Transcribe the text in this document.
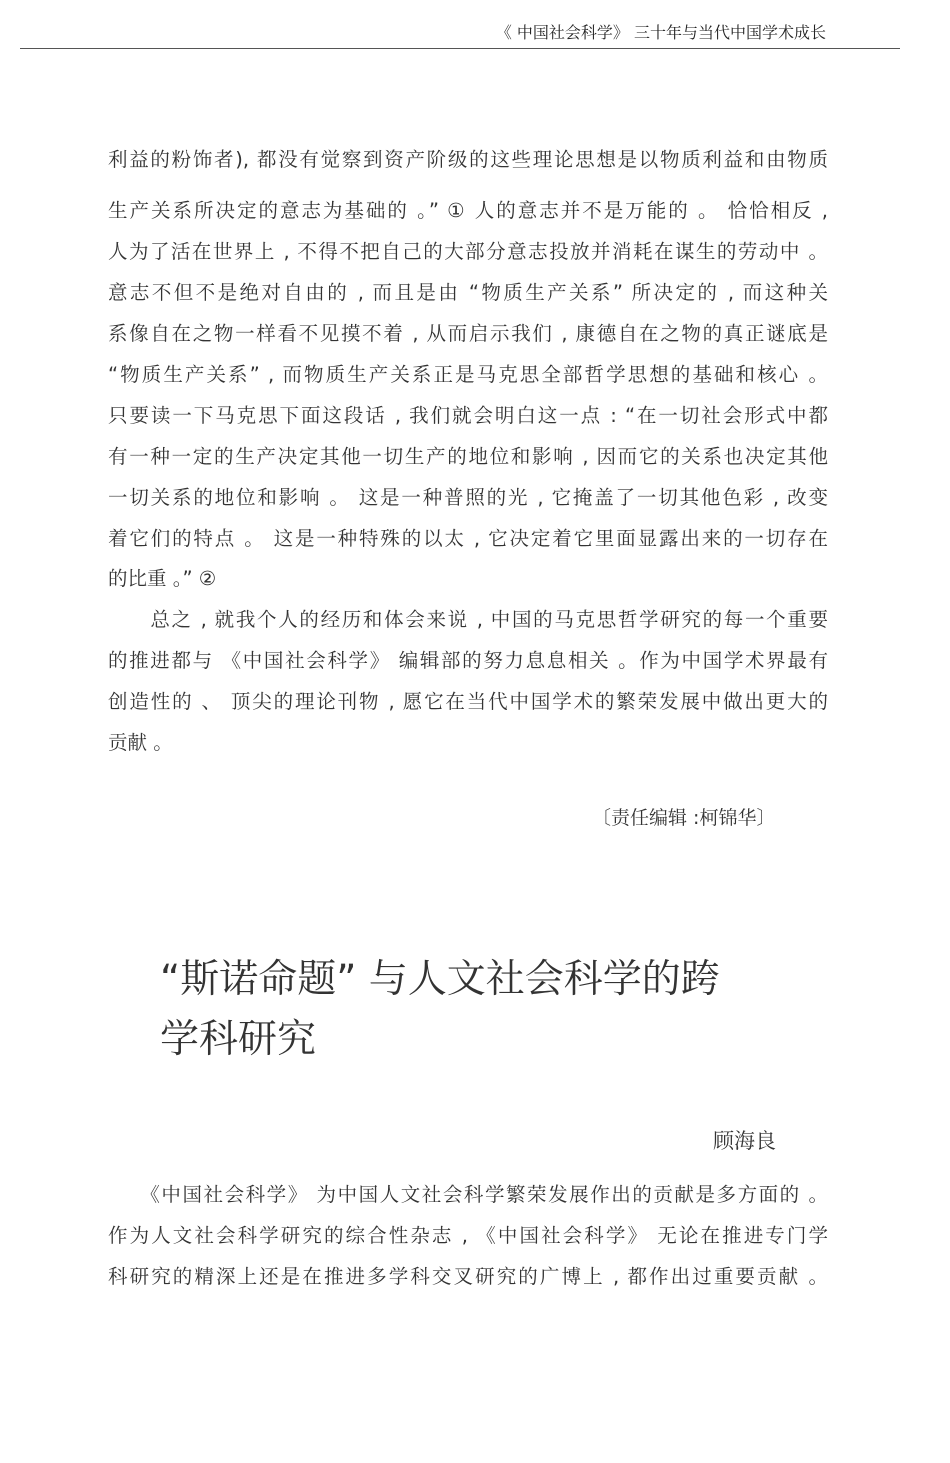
《 中国社会科学》 三十年与当代中国学术成长
利益的粉饰者), 都没有觉察到资产阶级的这些理论思想是以物质利益和由物质
生产关系所决定的意志为基础的 。” ① 人的意志并不是万能的 。 恰恰相反 ,
人为了活在世界上 , 不得不把自己的大部分意志投放并消耗在谋生的劳动中 。
意志不但不是绝对自由的 , 而且是由 “物质生产关系” 所决定的 , 而这种关
系像自在之物一样看不见摸不着 , 从而启示我们 , 康德自在之物的真正谜底是
“物质生产关系” , 而物质生产关系正是马克思全部哲学思想的基础和核心 。
只要读一下马克思下面这段话 , 我们就会明白这一点 : “在一切社会形式中都
有一种一定的生产决定其他一切生产的地位和影响 , 因而它的关系也决定其他
一切关系的地位和影响 。 这是一种普照的光 , 它掩盖了一切其他色彩 , 改变
着它们的特点 。 这是一种特殊的以太 , 它决定着它里面显露出来的一切存在
的比重 。” ②
　　总之 , 就我个人的经历和体会来说 , 中国的马克思哲学研究的每一个重要
的推进都与 《中国社会科学》 编辑部的努力息息相关 。作为中国学术界最有
创造性的 、 顶尖的理论刊物 , 愿它在当代中国学术的繁荣发展中做出更大的
贡献 。
〔责任编辑 :柯锦华〕
“斯诺命题” 与人文社会科学的跨
学科研究
顾海良
　　《中国社会科学》 为中国人文社会科学繁荣发展作出的贡献是多方面的 。
作为人文社会科学研究的综合性杂志 , 《中国社会科学》 无论在推进专门学
科研究的精深上还是在推进多学科交叉研究的广博上 , 都作出过重要贡献 。
